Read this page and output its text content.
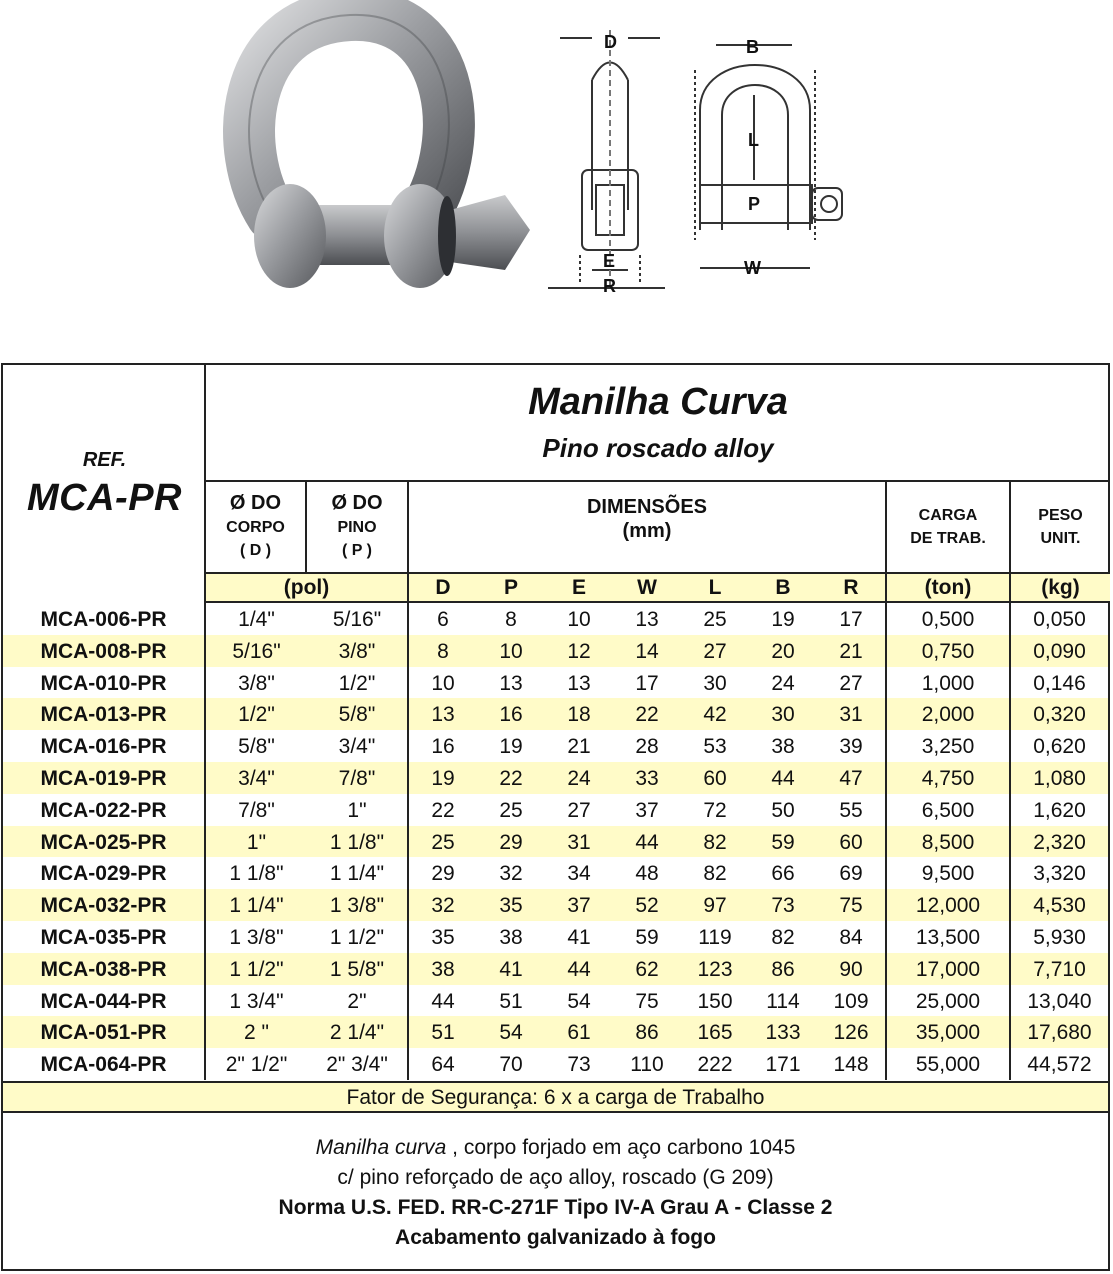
D
E
R
B
L
P
W
REF.
MCA-PR
Manilha Curva
Pino roscado alloy
Ø DO
CORPO
( D )
Ø DO
PINO
( P )
DIMENSÕES
(mm)
CARGA
DE TRAB.
PESO
UNIT.
(pol)	D	P	E	W	L	B	R	(ton)	(kg)
MCA-006-PR	1/4"	5/16"	6	8	10	13	25	19	17	0,500	0,050
MCA-008-PR	5/16"	3/8"	8	10	12	14	27	20	21	0,750	0,090
MCA-010-PR	3/8"	1/2"	10	13	13	17	30	24	27	1,000	0,146
MCA-013-PR	1/2"	5/8"	13	16	18	22	42	30	31	2,000	0,320
MCA-016-PR	5/8"	3/4"	16	19	21	28	53	38	39	3,250	0,620
MCA-019-PR	3/4"	7/8"	19	22	24	33	60	44	47	4,750	1,080
MCA-022-PR	7/8"	1"	22	25	27	37	72	50	55	6,500	1,620
MCA-025-PR	1"	1 1/8"	25	29	31	44	82	59	60	8,500	2,320
MCA-029-PR	1 1/8"	1 1/4"	29	32	34	48	82	66	69	9,500	3,320
MCA-032-PR	1 1/4"	1 3/8"	32	35	37	52	97	73	75	12,000	4,530
MCA-035-PR	1 3/8"	1 1/2"	35	38	41	59	119	82	84	13,500	5,930
MCA-038-PR	1 1/2"	1 5/8"	38	41	44	62	123	86	90	17,000	7,710
MCA-044-PR	1 3/4"	2"	44	51	54	75	150	114	109	25,000	13,040
MCA-051-PR	2 "	2 1/4"	51	54	61	86	165	133	126	35,000	17,680
MCA-064-PR	2" 1/2"	2" 3/4"	64	70	73	110	222	171	148	55,000	44,572
Fator de Segurança: 6 x a carga de Trabalho
Manilha curva , corpo forjado em aço carbono 1045
c/ pino reforçado de aço alloy, roscado (G 209)
Norma U.S. FED. RR-C-271F Tipo IV-A Grau A - Classe 2
Acabamento galvanizado à fogo
